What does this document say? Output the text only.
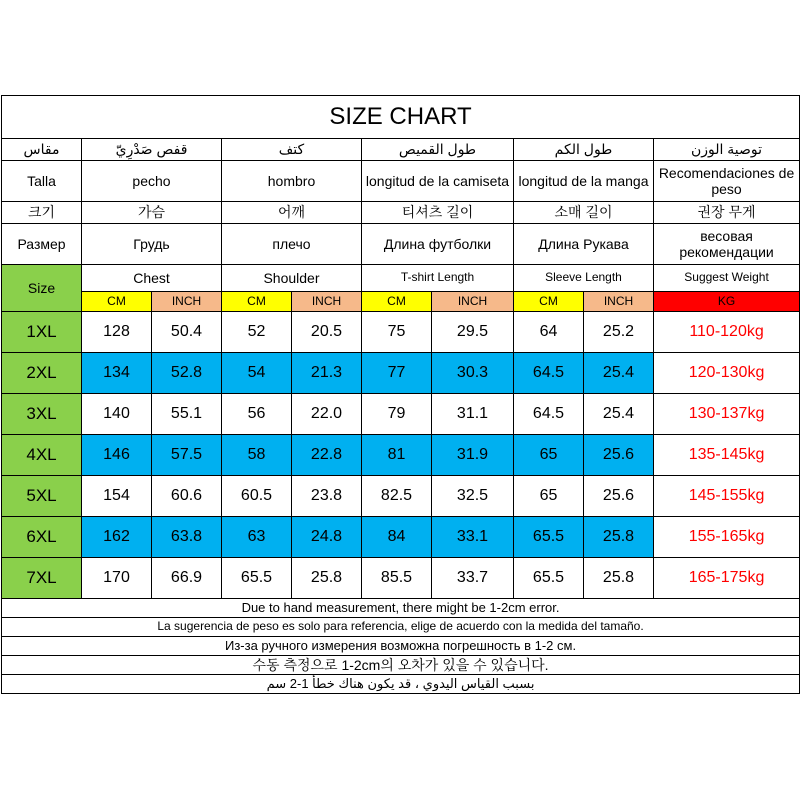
SIZE CHART									
مقاس	قفص صَدْرِيّ		كتف		طول القميص		طول الكم		توصية الوزن
Talla	pecho		hombro		longitud de la camiseta		longitud de la manga		Recomendaciones de peso
크기	가슴		어깨		티셔츠 길이		소매 길이		권장 무게
Размер	Грудь		плечо		Длина футболки		Длина Рукава		весовая рекомендации
Size	Chest		Shoulder		T-shirt Length		Sleeve Length		Suggest Weight
	CM	INCH	CM	INCH	CM	INCH	CM	INCH	KG
1XL	128	50.4	52	20.5	75	29.5	64	25.2	110-120kg
2XL	134	52.8	54	21.3	77	30.3	64.5	25.4	120-130kg
3XL	140	55.1	56	22.0	79	31.1	64.5	25.4	130-137kg
4XL	146	57.5	58	22.8	81	31.9	65	25.6	135-145kg
5XL	154	60.6	60.5	23.8	82.5	32.5	65	25.6	145-155kg
6XL	162	63.8	63	24.8	84	33.1	65.5	25.8	155-165kg
7XL	170	66.9	65.5	25.8	85.5	33.7	65.5	25.8	165-175kg
Due to hand measurement, there might be 1-2cm error.									
La sugerencia de peso es solo para referencia, elige de acuerdo con la medida del tamaño.									
Из-за ручного измерения возможна погрешность в 1-2 см.									
수동 측정으로 1-2cm의 오차가 있을 수 있습니다.									
بسبب القياس اليدوي ، قد يكون هناك خطأ 1-2 سم									
